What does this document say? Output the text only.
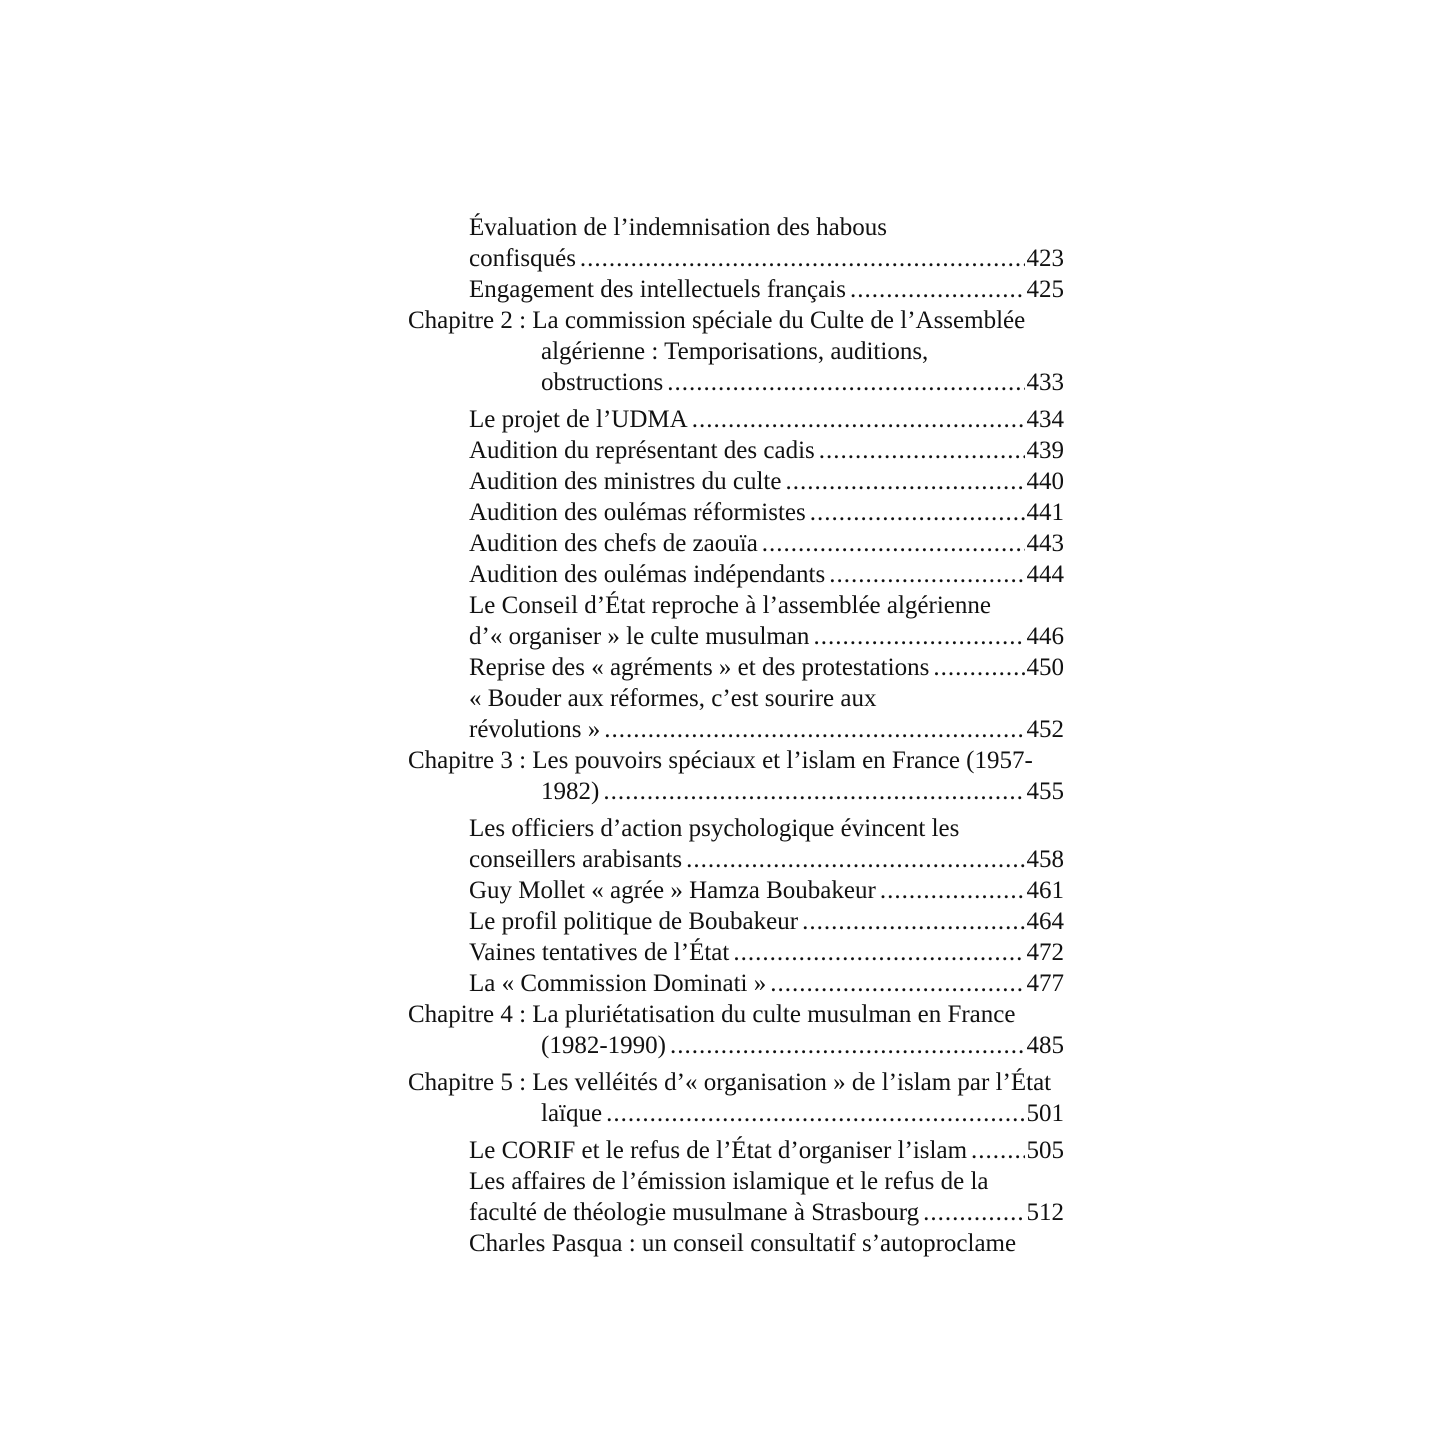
Évaluation de l’indemnisation des habous
confisqués .....	423
Engagement des intellectuels français .....	425
Chapitre 2 : La commission spéciale du Culte de l’Assemblée
algérienne : Temporisations, auditions,
obstructions .....	433
Le projet de l’UDMA .....	434
Audition du représentant des cadis .....	439
Audition des ministres du culte .....	440
Audition des oulémas réformistes .....	441
Audition des chefs de zaouïa .....	443
Audition des oulémas indépendants .....	444
Le Conseil d’État reproche à l’assemblée algérienne
d’« organiser » le culte musulman .....	446
Reprise des « agréments » et des protestations .....	450
« Bouder aux réformes, c’est sourire aux
révolutions » .....	452
Chapitre 3 : Les pouvoirs spéciaux et l’islam en France (1957-
1982) .....	455
Les officiers d’action psychologique évincent les
conseillers arabisants .....	458
Guy Mollet « agrée » Hamza Boubakeur .....	461
Le profil politique de Boubakeur .....	464
Vaines tentatives de l’État .....	472
La « Commission Dominati » .....	477
Chapitre 4 : La pluriétatisation du culte musulman en France
(1982-1990) .....	485
Chapitre 5 : Les velléités d’« organisation » de l’islam par l’État
laïque .....	501
Le CORIF et le refus de l’État d’organiser l’islam ..... 505
Les affaires de l’émission islamique et le refus de la
faculté de théologie musulmane à Strasbourg .....	512
Charles Pasqua : un conseil consultatif s’autoproclame
